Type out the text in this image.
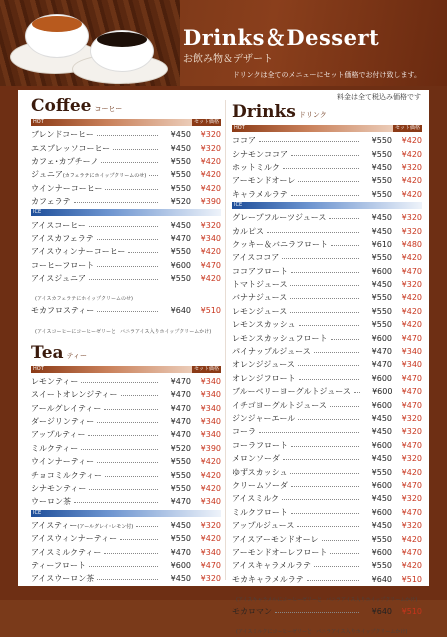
Drinks＆Dessert
お飲み物＆デザート
ドリンクは全てのメニューにセット価格でお付け致します。
料金は全て税込み価格です
Coffee コーヒー
HOT	セット価格
ブレンドコーヒー	¥450	¥320
エスプレッソコーヒー	¥450	¥320
カフェ･カプチーノ	¥550	¥420
ジュニア(カフェラテにホイップクリームのせ)	¥550	¥420
ウインナーコーヒー	¥550	¥420
カフェラテ	¥520	¥390
ICE
アイスコーヒー	¥450	¥320
アイスカフェラテ	¥470	¥340
アイスウィンナーコーヒー	¥550	¥420
コーヒーフロート	¥600	¥470
アイスジュニア	¥550	¥420
(アイスカフェラテにホイップクリームのせ)
モカフロスティー	¥640	¥510
(アイスコーヒーにコーヒーゼリーと バニラアイス入りホイップクリームかけ)
Tea ティー
HOT	セット価格
レモンティー	¥470	¥340
スイートオレンジティー	¥470	¥340
アールグレイティー	¥470	¥340
ダージリンティー	¥470	¥340
アップルティー	¥470	¥340
ミルクティー	¥520	¥390
ウインナーティー	¥550	¥420
チョコミルクティー	¥550	¥420
シナモンティー	¥550	¥420
ウーロン茶	¥470	¥340
ICE
アイスティー(アールグレイ･レモン付)	¥450	¥320
アイスウィンナーティー	¥550	¥420
アイスミルクティー	¥470	¥340
ティーフロート	¥600	¥470
アイスウーロン茶	¥450	¥320
Drinks ドリンク
HOT	セット価格
ココア	¥550	¥420
シナモンココア	¥550	¥420
ホットミルク	¥450	¥320
アーモンドオーレ	¥550	¥420
キャラメルラテ	¥550	¥420
ICE
グレープフルーツジュース	¥450	¥320
カルピス	¥450	¥320
クッキー＆バニラフロート	¥610	¥480
アイスココア	¥550	¥420
ココアフロート	¥600	¥470
トマトジュース	¥450	¥320
バナナジュース	¥550	¥420
レモンジュース	¥550	¥420
レモンスカッシュ	¥550	¥420
レモンスカッシュフロート	¥600	¥470
パイナップルジュース	¥470	¥340
オレンジジュース	¥470	¥340
オレンジフロート	¥600	¥470
ブルーベリーヨーグルトジュース	¥600	¥470
イチゴヨーグルトジュース	¥600	¥470
ジンジャーエール	¥450	¥320
コーラ	¥450	¥320
コーラフロート	¥600	¥470
メロンソーダ	¥450	¥320
ゆずスカッシュ	¥550	¥420
クリームソーダ	¥600	¥470
アイスミルク	¥450	¥320
ミルクフロート	¥600	¥470
アップルジュース	¥450	¥320
アイスアーモンドオーレ	¥550	¥420
アーモンドオーレフロート	¥600	¥470
アイスキャラメルラテ	¥550	¥420
モカキャラメルラテ	¥640	¥510
(アイスキャラメルにコーヒーゼリーと バニラアイス入りホイップクリームかけ)
モカロマン	¥640	¥510
(アイスミルクにコーヒーゼリーと バニラアイス入りホイップクリームかけ)
